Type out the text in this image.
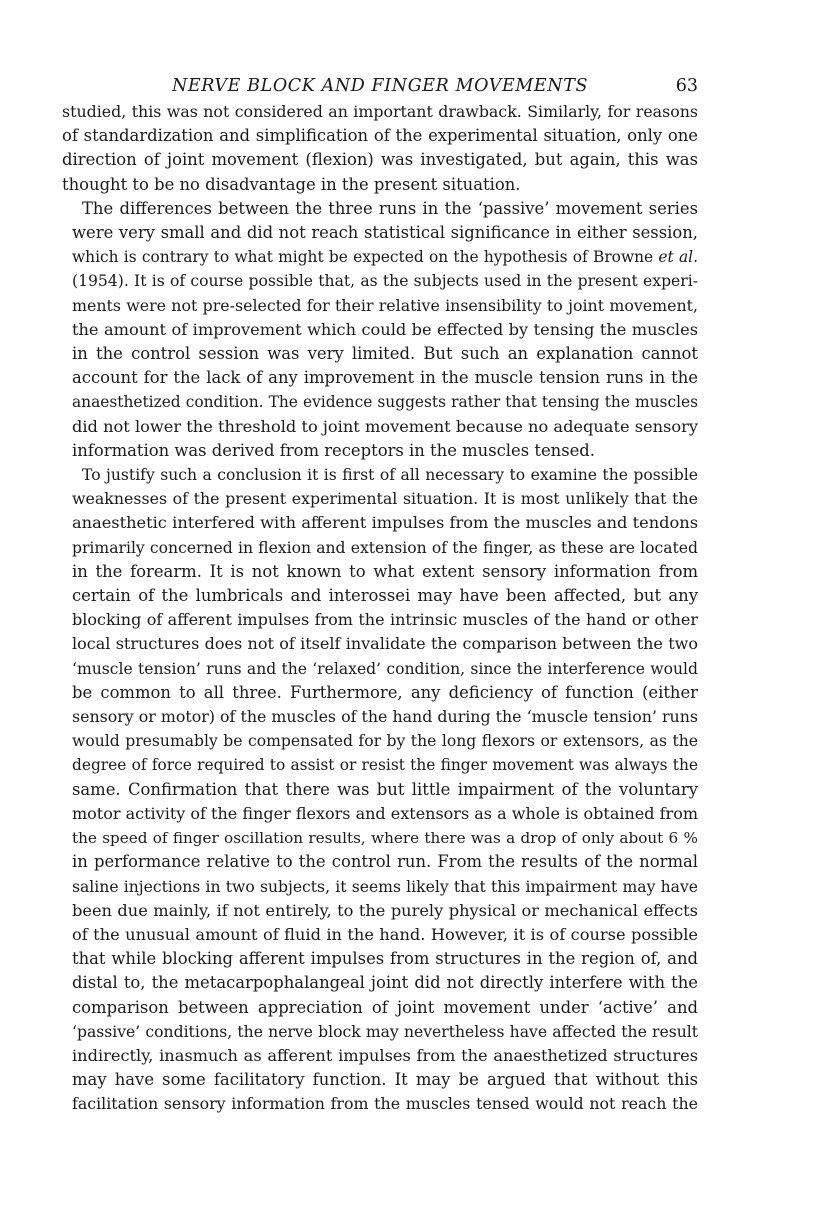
NERVE BLOCK AND FINGER MOVEMENTS	63
studied, this was not considered an important drawback. Similarly, for reasons
of standardization and simplification of the experimental situation, only one
direction of joint movement (flexion) was investigated, but again, this was
thought to be no disadvantage in the present situation.
The differences between the three runs in the ‘passive’ movement series
were very small and did not reach statistical significance in either session,
which is contrary to what might be expected on the hypothesis of Browne et al.
(1954). It is of course possible that, as the subjects used in the present experi-
ments were not pre-selected for their relative insensibility to joint movement,
the amount of improvement which could be effected by tensing the muscles
in the control session was very limited. But such an explanation cannot
account for the lack of any improvement in the muscle tension runs in the
anaesthetized condition. The evidence suggests rather that tensing the muscles
did not lower the threshold to joint movement because no adequate sensory
information was derived from receptors in the muscles tensed.
To justify such a conclusion it is first of all necessary to examine the possible
weaknesses of the present experimental situation. It is most unlikely that the
anaesthetic interfered with afferent impulses from the muscles and tendons
primarily concerned in flexion and extension of the finger, as these are located
in the forearm. It is not known to what extent sensory information from
certain of the lumbricals and interossei may have been affected, but any
blocking of afferent impulses from the intrinsic muscles of the hand or other
local structures does not of itself invalidate the comparison between the two
‘muscle tension’ runs and the ‘relaxed’ condition, since the interference would
be common to all three. Furthermore, any deficiency of function (either
sensory or motor) of the muscles of the hand during the ‘muscle tension’ runs
would presumably be compensated for by the long flexors or extensors, as the
degree of force required to assist or resist the finger movement was always the
same. Confirmation that there was but little impairment of the voluntary
motor activity of the finger flexors and extensors as a whole is obtained from
the speed of finger oscillation results, where there was a drop of only about 6 %
in performance relative to the control run. From the results of the normal
saline injections in two subjects, it seems likely that this impairment may have
been due mainly, if not entirely, to the purely physical or mechanical effects
of the unusual amount of fluid in the hand. However, it is of course possible
that while blocking afferent impulses from structures in the region of, and
distal to, the metacarpophalangeal joint did not directly interfere with the
comparison between appreciation of joint movement under ‘active’ and
‘passive’ conditions, the nerve block may nevertheless have affected the result
indirectly, inasmuch as afferent impulses from the anaesthetized structures
may have some facilitatory function. It may be argued that without this
facilitation sensory information from the muscles tensed would not reach the
